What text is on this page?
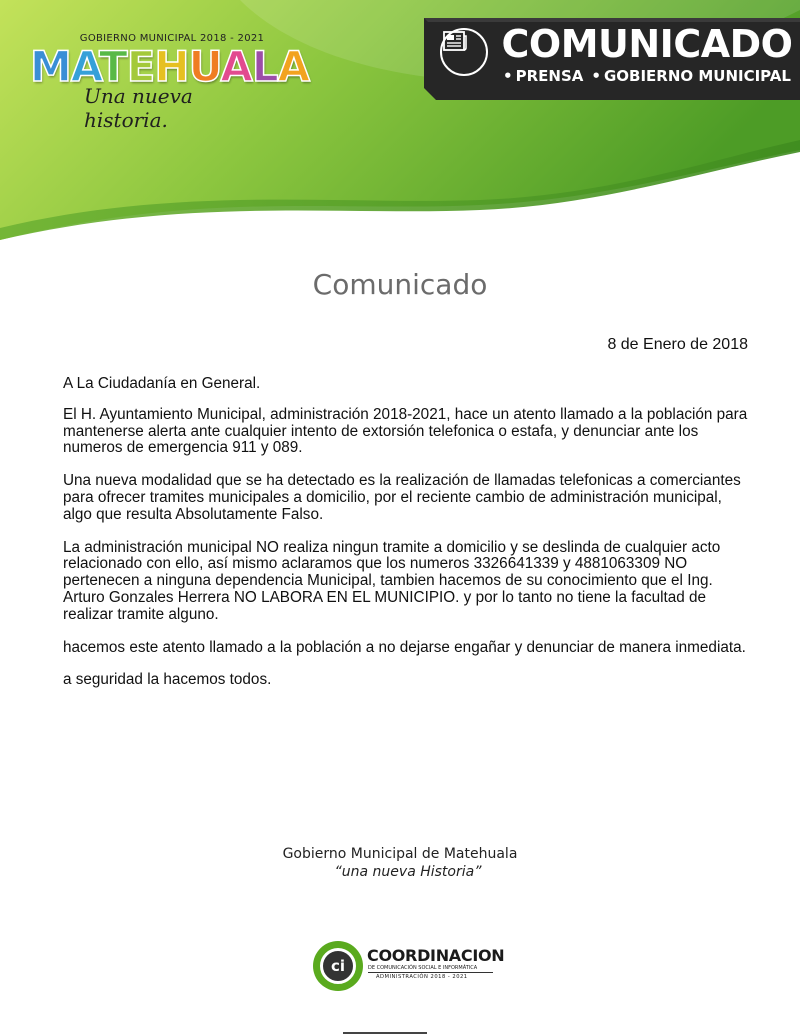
GOBIERNO MUNICIPAL 2018 - 2021
MATEHUALA
Una nueva historia.
COMUNICADO
• PRENSA • GOBIERNO MUNICIPAL
Comunicado
8 de Enero de 2018

A La Ciudadanía en General.

El H. Ayuntamiento Municipal, administración 2018-2021, hace un atento llamado a la población para mantenerse alerta ante cualquier intento de extorsión telefonica o estafa, y denunciar ante los numeros de emergencia 911 y 089.

Una nueva modalidad que se ha detectado es la realización de llamadas telefonicas a comerciantes para ofrecer tramites municipales a domicilio, por el reciente cambio de administración municipal, algo que resulta Absolutamente Falso.

La administración municipal NO realiza ningun tramite a domicilio y se deslinda de cualquier acto relacionado con ello, así mismo aclaramos que los numeros 3326641339 y 4881063309 NO pertenecen a ninguna dependencia Municipal, tambien hacemos de su conocimiento que el Ing. Arturo Gonzales Herrera NO LABORA EN EL MUNICIPIO. y por lo tanto no tiene la facultad de realizar tramite alguno.

hacemos este atento llamado a la población a no dejarse engañar y denunciar de manera inmediata.

a seguridad la hacemos todos.

Gobierno Municipal de Matehuala
“una nueva Historia”
ci
COORDINACION
DE COMUNICACIÓN SOCIAL E INFORMÁTICA
ADMINISTRACIÓN 2018 - 2021
